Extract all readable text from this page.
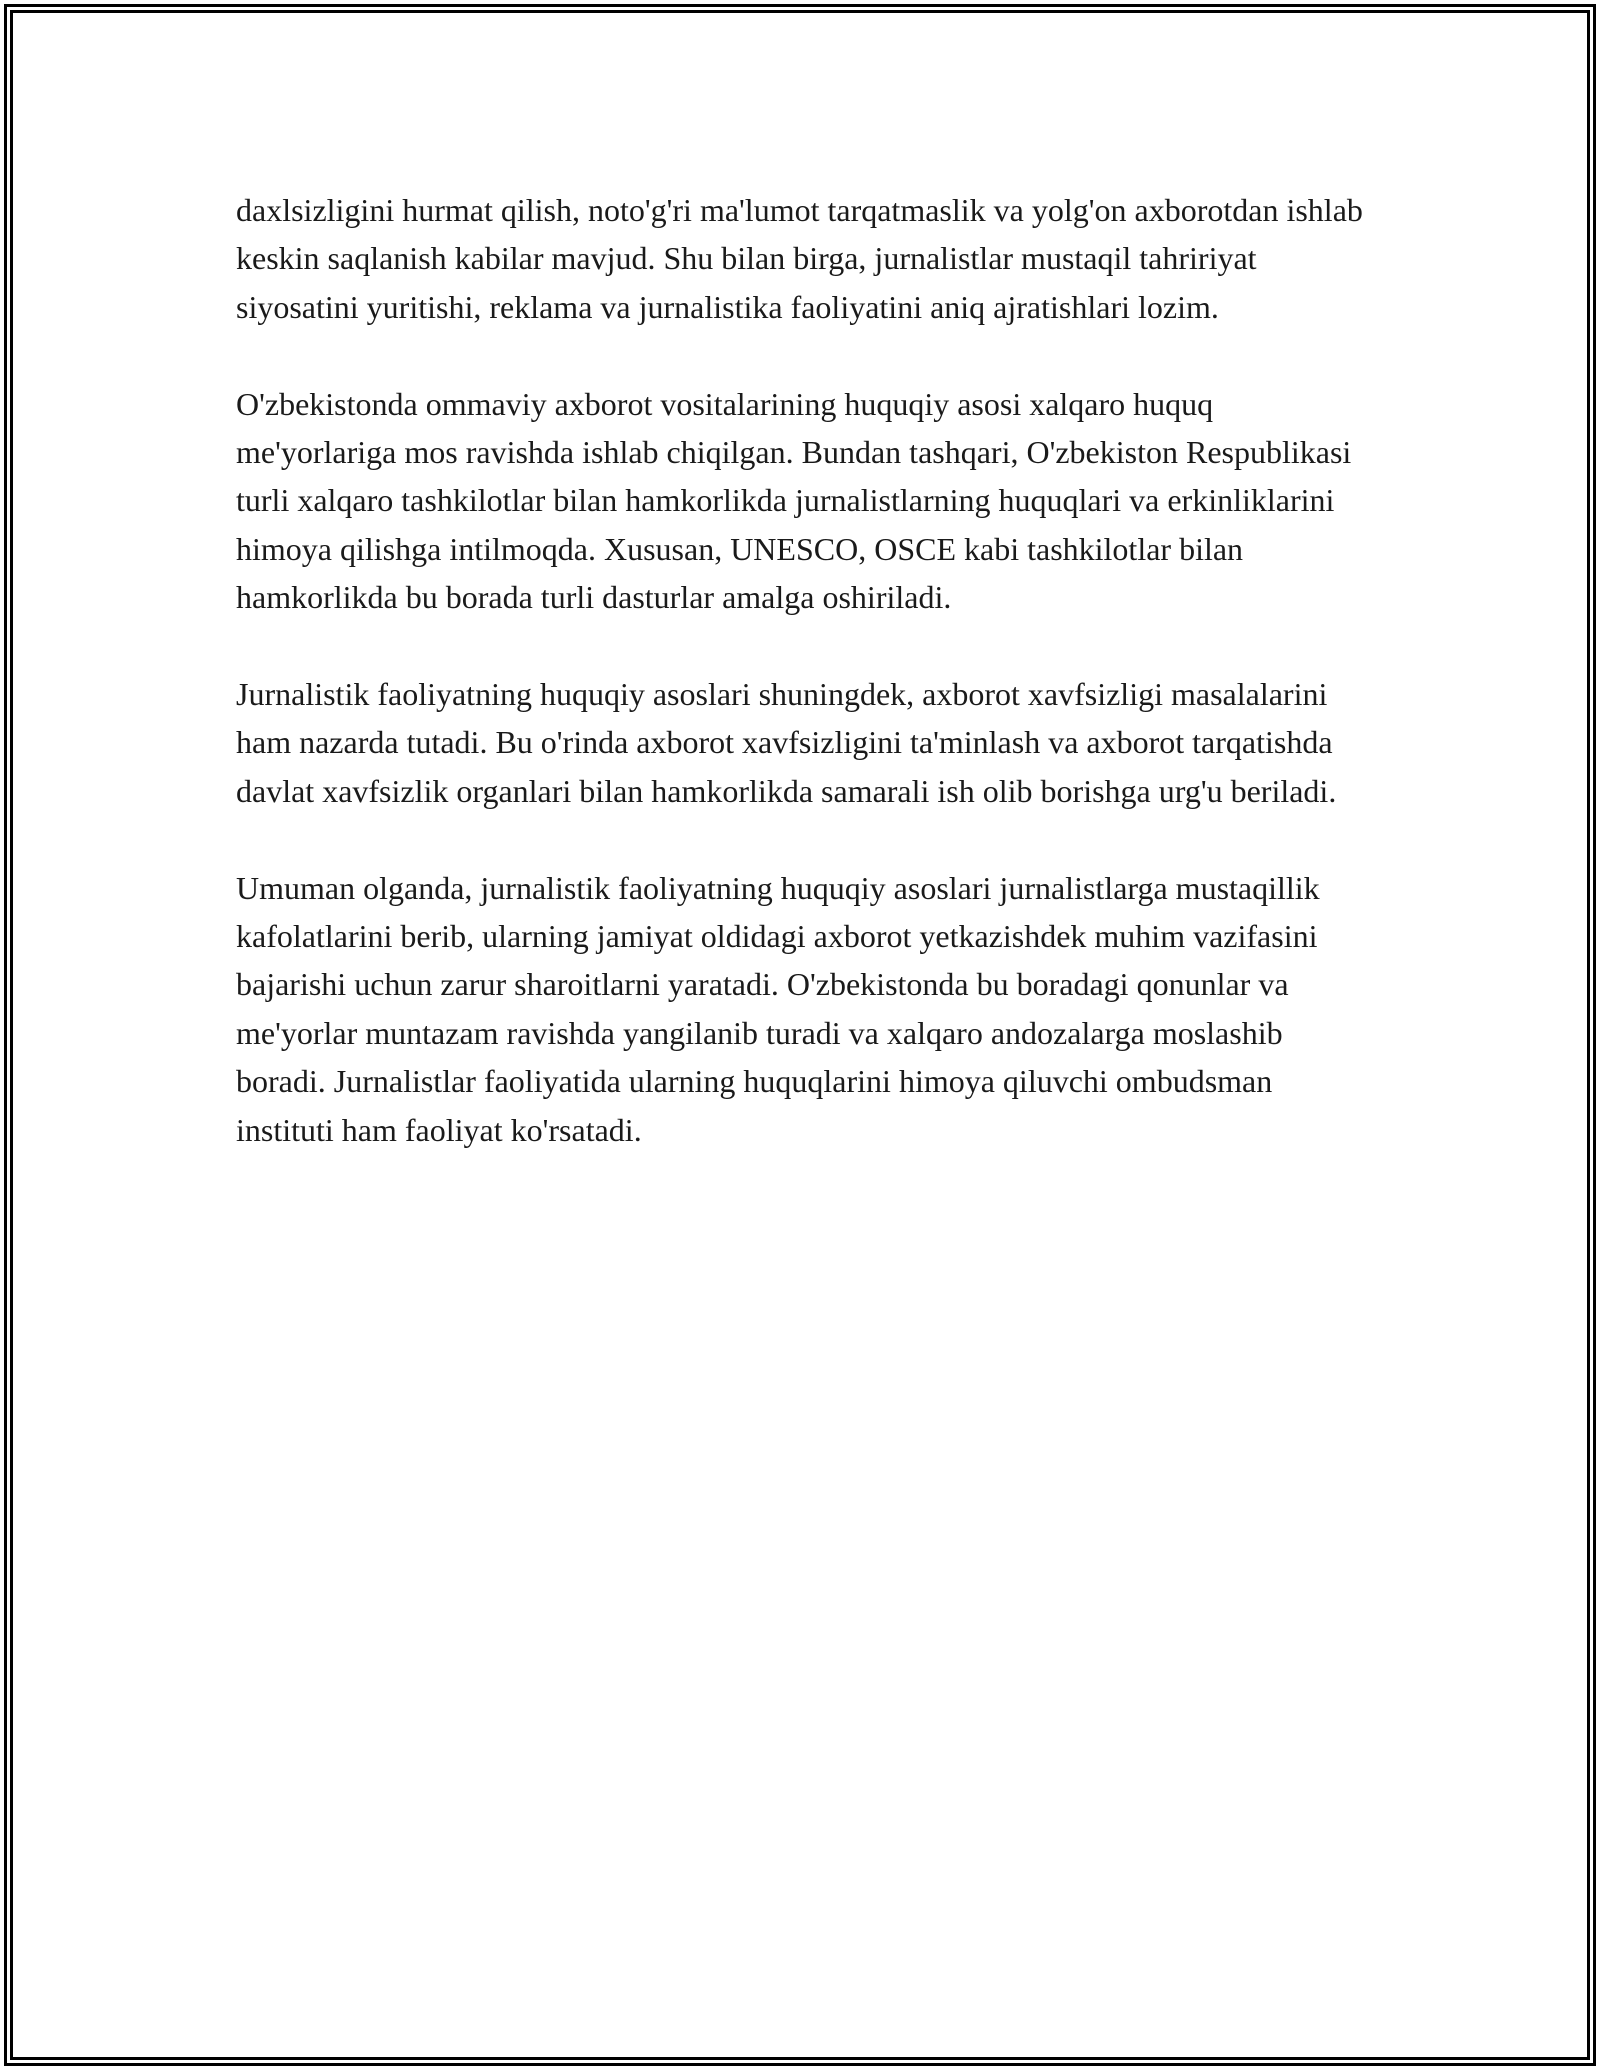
daxlsizligini hurmat qilish, noto'g'ri ma'lumot tarqatmaslik va yolg'on axborotdan ishlab keskin saqlanish kabilar mavjud. Shu bilan birga, jurnalistlar mustaqil tahririyat siyosatini yuritishi, reklama va jurnalistika faoliyatini aniq ajratishlari lozim.

O'zbekistonda ommaviy axborot vositalarining huquqiy asosi xalqaro huquq me'yorlariga mos ravishda ishlab chiqilgan. Bundan tashqari, O'zbekiston Respublikasi turli xalqaro tashkilotlar bilan hamkorlikda jurnalistlarning huquqlari va erkinliklarini himoya qilishga intilmoqda. Xususan, UNESCO, OSCE kabi tashkilotlar bilan hamkorlikda bu borada turli dasturlar amalga oshiriladi.

Jurnalistik faoliyatning huquqiy asoslari shuningdek, axborot xavfsizligi masalalarini ham nazarda tutadi. Bu o'rinda axborot xavfsizligini ta'minlash va axborot tarqatishda davlat xavfsizlik organlari bilan hamkorlikda samarali ish olib borishga urg'u beriladi.

Umuman olganda, jurnalistik faoliyatning huquqiy asoslari jurnalistlarga mustaqillik kafolatlarini berib, ularning jamiyat oldidagi axborot yetkazishdek muhim vazifasini bajarishi uchun zarur sharoitlarni yaratadi. O'zbekistonda bu boradagi qonunlar va me'yorlar muntazam ravishda yangilanib turadi va xalqaro andozalarga moslashib boradi. Jurnalistlar faoliyatida ularning huquqlarini himoya qiluvchi ombudsman instituti ham faoliyat ko'rsatadi.
